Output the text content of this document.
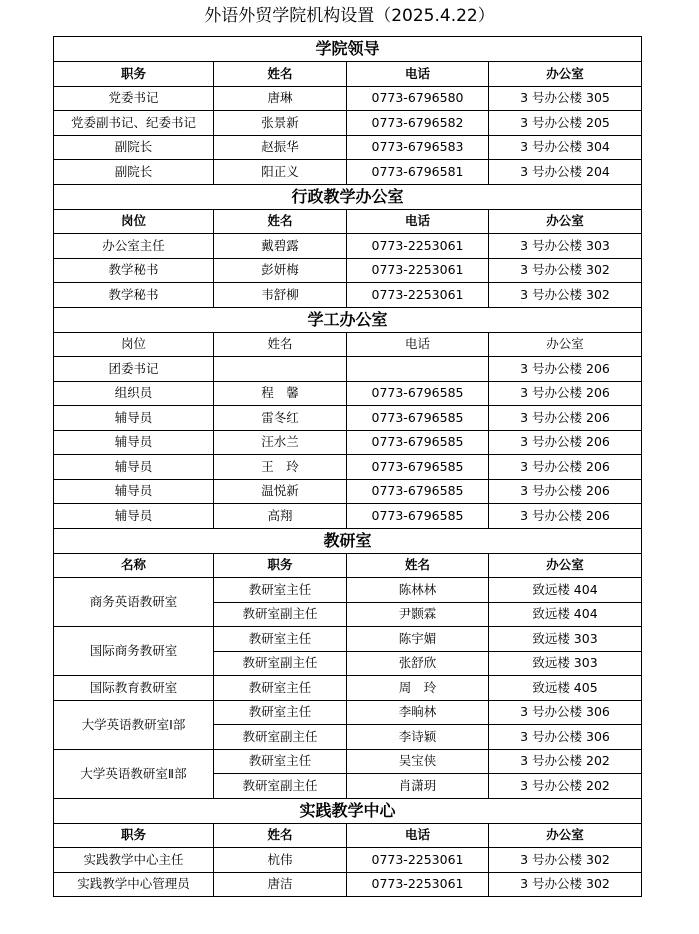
外语外贸学院机构设置（2025.4.22）
学院领导			
职务	姓名	电话	办公室
党委书记	唐琳	0773-6796580	3 号办公楼 305
党委副书记、纪委书记	张景新	0773-6796582	3 号办公楼 205
副院长	赵振华	0773-6796583	3 号办公楼 304
副院长	阳正义	0773-6796581	3 号办公楼 204
行政教学办公室			
岗位	姓名	电话	办公室
办公室主任	戴碧露	0773-2253061	3 号办公楼 303
教学秘书	彭妍梅	0773-2253061	3 号办公楼 302
教学秘书	韦舒柳	0773-2253061	3 号办公楼 302
学工办公室			
岗位	姓名	电话	办公室
团委书记			3 号办公楼 206
组织员	程　馨	0773-6796585	3 号办公楼 206
辅导员	雷冬红	0773-6796585	3 号办公楼 206
辅导员	汪水兰	0773-6796585	3 号办公楼 206
辅导员	王　玲	0773-6796585	3 号办公楼 206
辅导员	温悦新	0773-6796585	3 号办公楼 206
辅导员	高翔	0773-6796585	3 号办公楼 206
教研室			
名称	职务	姓名	办公室
商务英语教研室	教研室主任	陈林林	致远楼 404
	教研室副主任	尹颢霖	致远楼 404
国际商务教研室	教研室主任	陈宇媚	致远楼 303
	教研室副主任	张舒欣	致远楼 303
国际教育教研室	教研室主任	周　玲	致远楼 405
大学英语教研室Ⅰ部	教研室主任	李晌林	3 号办公楼 306
	教研室副主任	李诗颖	3 号办公楼 306
大学英语教研室Ⅱ部	教研室主任	吴宝侠	3 号办公楼 202
	教研室副主任	肖潇玥	3 号办公楼 202
实践教学中心			
职务	姓名	电话	办公室
实践教学中心主任	杭伟	0773-2253061	3 号办公楼 302
实践教学中心管理员	唐洁	0773-2253061	3 号办公楼 302
